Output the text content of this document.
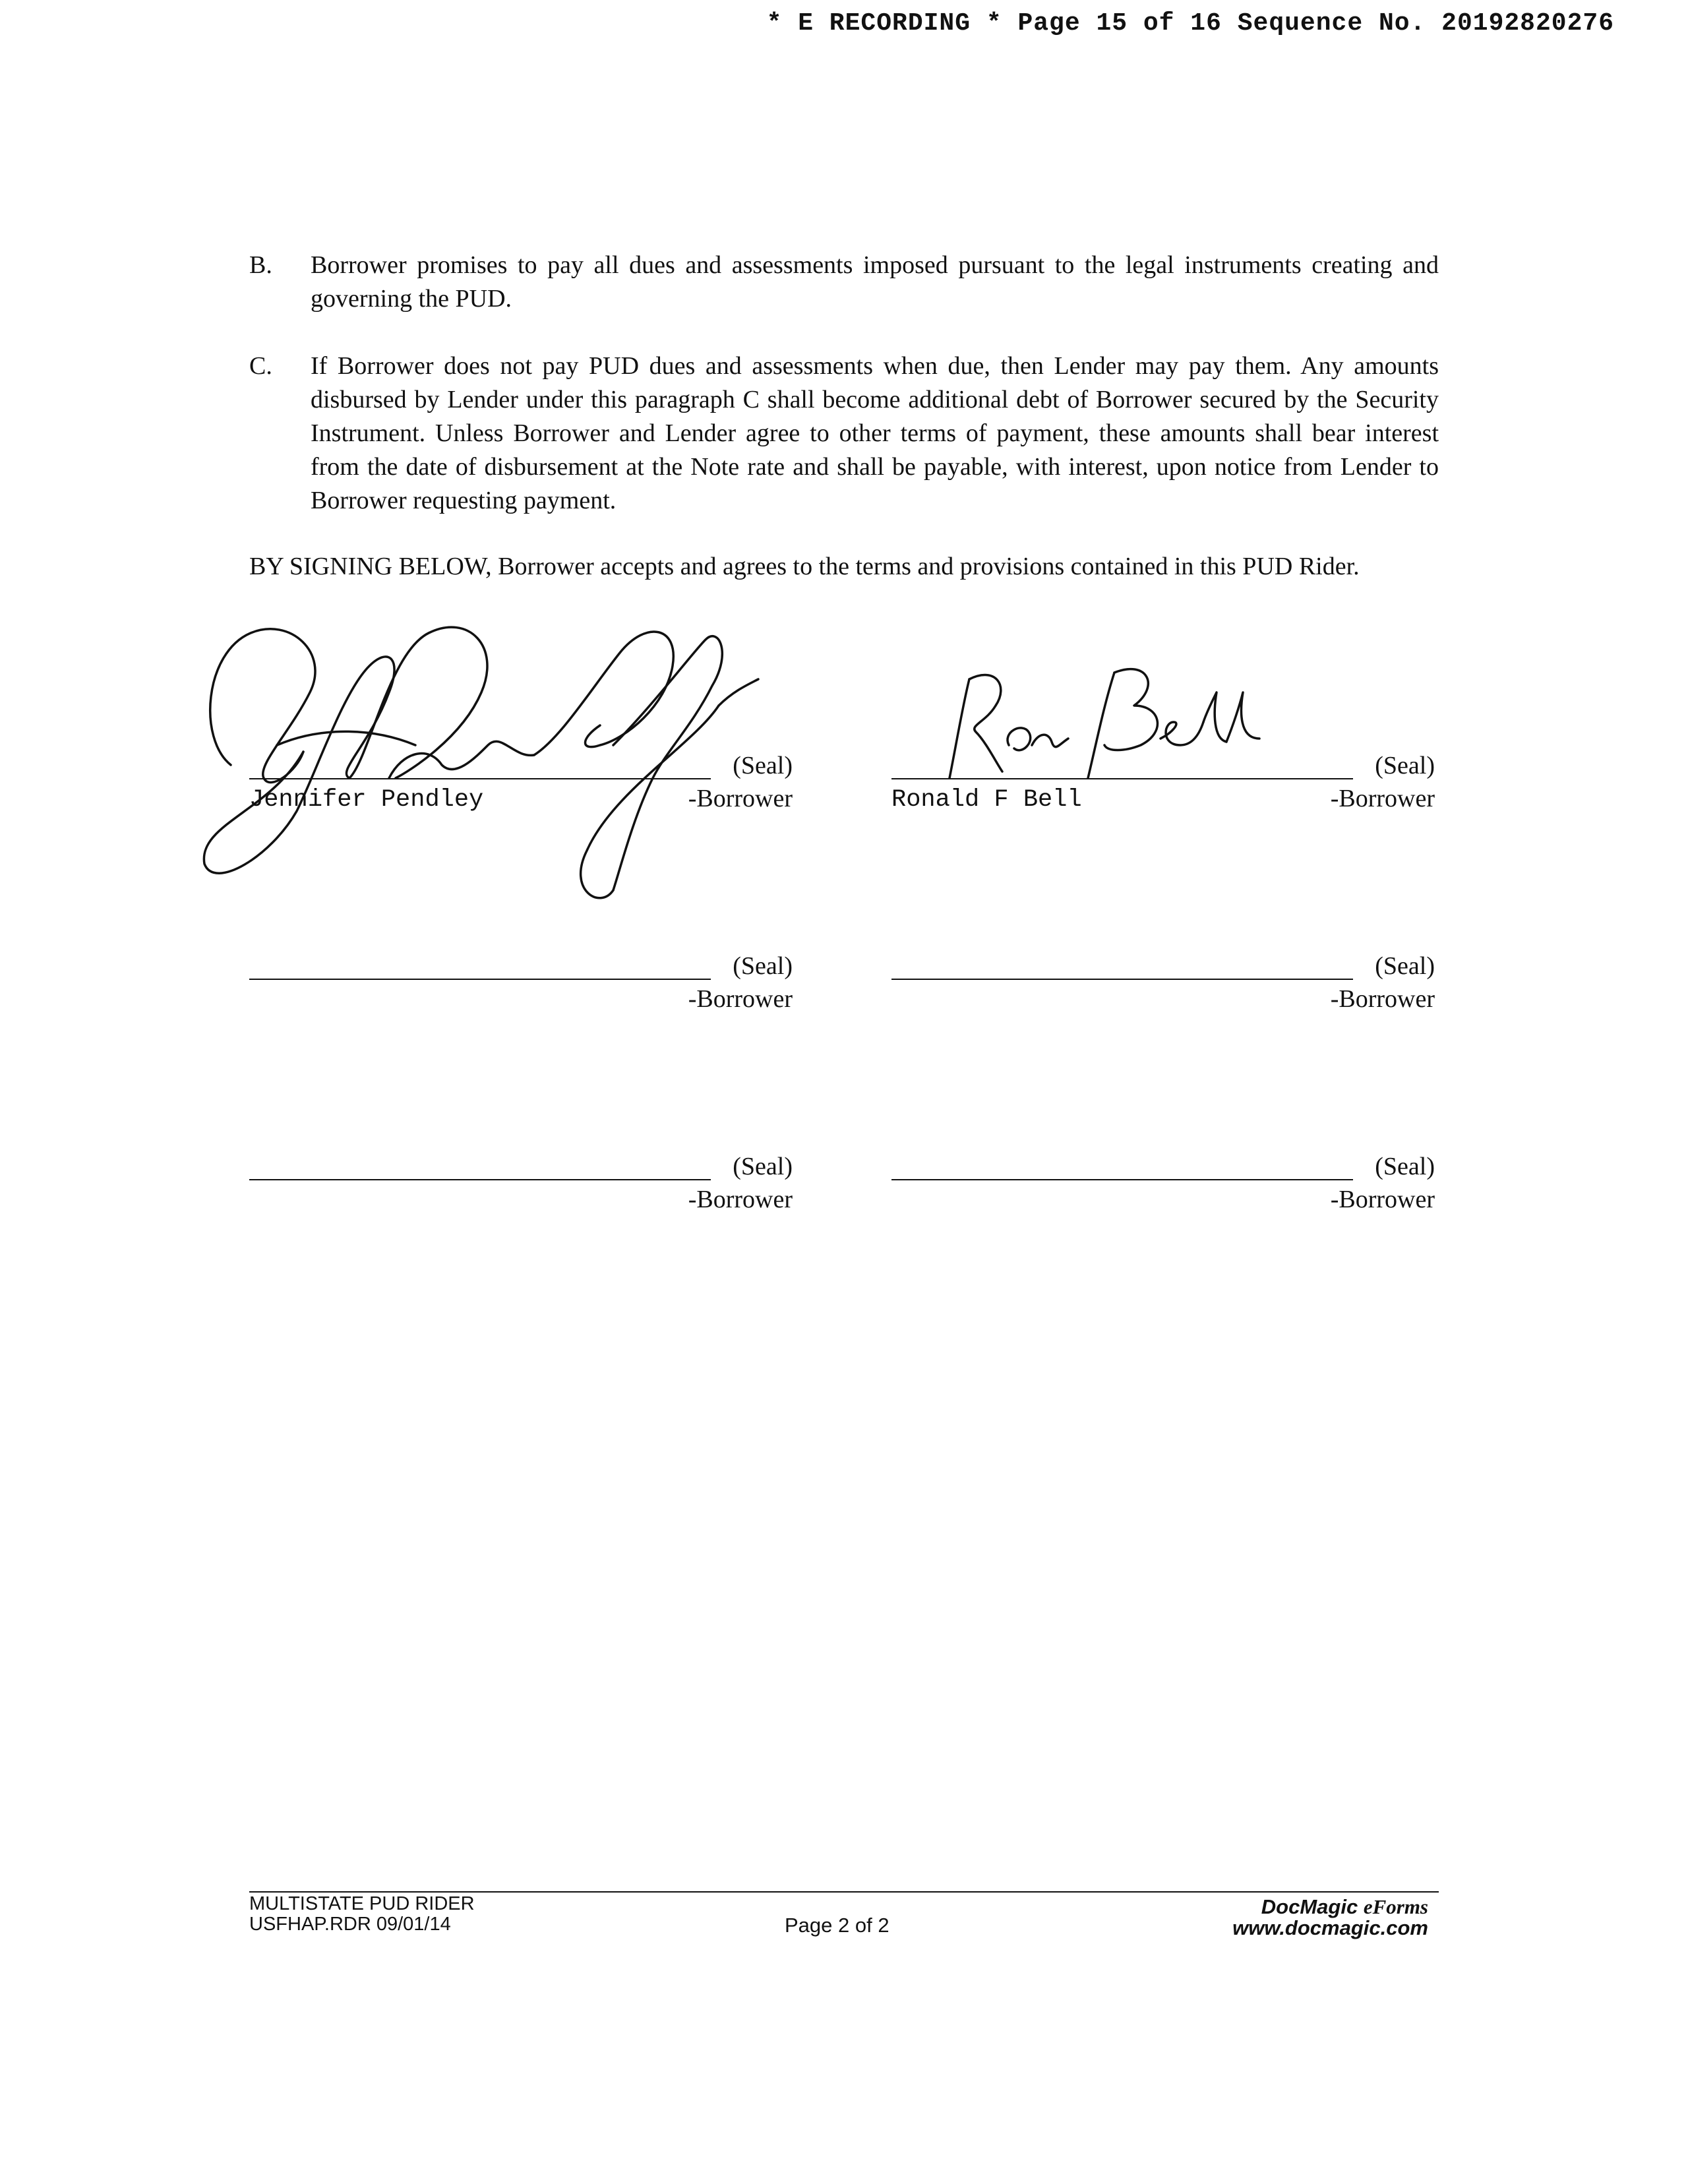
* E RECORDING * Page 15 of 16 Sequence No. 20192820276
B. Borrower promises to pay all dues and assessments imposed pursuant to the legal instruments creating and governing the PUD.
C. If Borrower does not pay PUD dues and assessments when due, then Lender may pay them. Any amounts disbursed by Lender under this paragraph C shall become additional debt of Borrower secured by the Security Instrument. Unless Borrower and Lender agree to other terms of payment, these amounts shall bear interest from the date of disbursement at the Note rate and shall be payable, with interest, upon notice from Lender to Borrower requesting payment.
BY SIGNING BELOW, Borrower accepts and agrees to the terms and provisions contained in this PUD Rider.
(Seal)
Jennifer Pendley	-Borrower
(Seal)
Ronald F Bell	-Borrower
(Seal)
-Borrower
(Seal)
-Borrower
(Seal)
-Borrower
(Seal)
-Borrower
MULTISTATE PUD RIDER
USFHAP.RDR 09/01/14	Page 2 of 2
DocMagic eForms
www.docmagic.com
